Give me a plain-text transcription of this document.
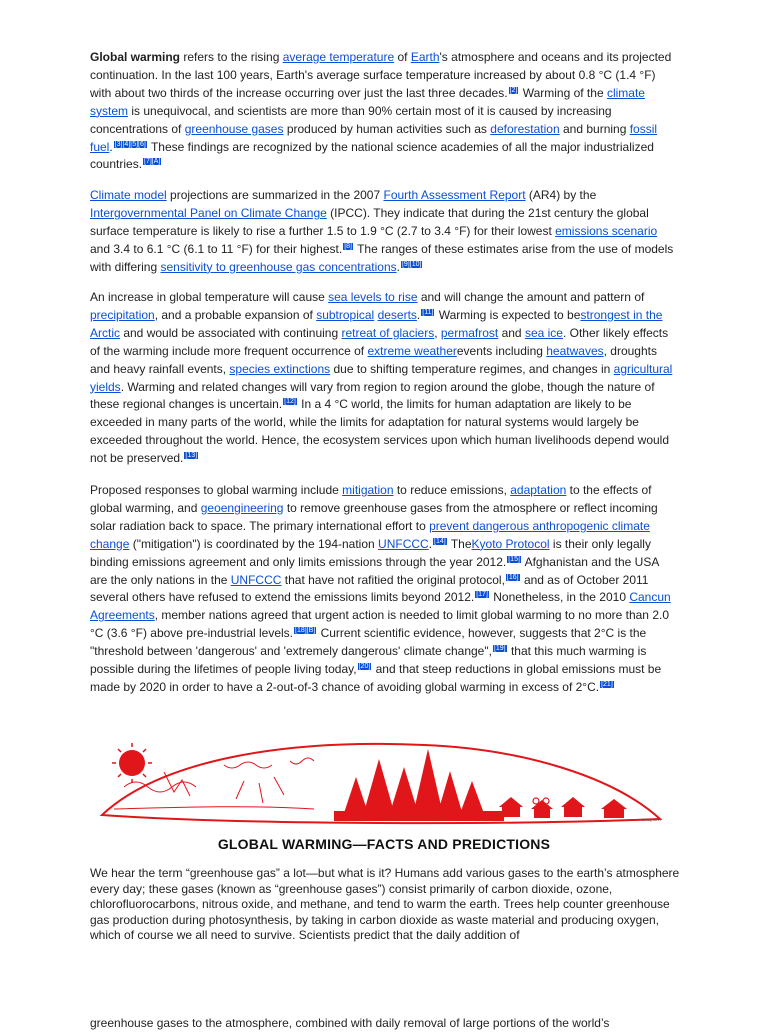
Global warming refers to the rising average temperature of Earth's atmosphere and oceans and its projected continuation. In the last 100 years, Earth's average surface temperature increased by about 0.8 °C (1.4 °F) with about two thirds of the increase occurring over just the last three decades. [2] Warming of the climate system is unequivocal, and scientists are more than 90% certain most of it is caused by increasing concentrations of greenhouse gases produced by human activities such as deforestation and burning fossil fuel. [3][4][5][6] These findings are recognized by the national science academies of all the major industrialized countries. [7][A]

Climate model projections are summarized in the 2007 Fourth Assessment Report (AR4) by the Intergovernmental Panel on Climate Change (IPCC). They indicate that during the 21st century the global surface temperature is likely to rise a further 1.5 to 1.9 °C (2.7 to 3.4 °F) for their lowest emissions scenario and 3.4 to 6.1 °C (6.1 to 11 °F) for their highest. [8] The ranges of these estimates arise from the use of models with differing sensitivity to greenhouse gas concentrations. [9][10]

An increase in global temperature will cause sea levels to rise and will change the amount and pattern of precipitation, and a probable expansion of subtropical deserts. [11] Warming is expected to bestrongest in the Arctic and would be associated with continuing retreat of glaciers, permafrost and sea ice. Other likely effects of the warming include more frequent occurrence of extreme weatherevents including heatwaves, droughts and heavy rainfall events, species extinctions due to shifting temperature regimes, and changes in agricultural yields. Warming and related changes will vary from region to region around the globe, though the nature of these regional changes is uncertain. [12] In a 4 °C world, the limits for human adaptation are likely to be exceeded in many parts of the world, while the limits for adaptation for natural systems would largely be exceeded throughout the world. Hence, the ecosystem services upon which human livelihoods depend would not be preserved. [13]

Proposed responses to global warming include mitigation to reduce emissions, adaptation to the effects of global warming, and geoengineering to remove greenhouse gases from the atmosphere or reflect incoming solar radiation back to space. The primary international effort to prevent dangerous anthropogenic climate change ("mitigation") is coordinated by the 194-nation UNFCCC. [14] TheKyoto Protocol is their only legally binding emissions agreement and only limits emissions through the year 2012. [15] Afghanistan and the USA are the only nations in the UNFCCC that have not rafitied the original protocol, [16] and as of October 2011 several others have refused to extend the emissions limits beyond 2012. [17] Nonetheless, in the 2010 Cancun Agreements, member nations agreed that urgent action is needed to limit global warming to no more than 2.0 °C (3.6 °F) above pre-industrial levels. [18][B] Current scientific evidence, however, suggests that 2°C is the "threshold between 'dangerous' and 'extremely dangerous' climate change", [19] that this much warming is possible during the lifetimes of people living today, [20] and that steep reductions in global emissions must be made by 2020 in order to have a 2-out-of-3 chance of avoiding global warming in excess of 2°C. [21]

Doug Kinn
GLOBAL WARMING—FACTS AND PREDICTIONS

We hear the term “greenhouse gas” a lot—but what is it? Humans add various gases to the earth’s atmosphere every day; these gases (known as “greenhouse gases”) consist primarily of carbon dioxide, ozone, chlorofluorocarbons, nitrous oxide, and methane, and tend to warm the earth. Trees help counter greenhouse gas production during photosynthesis, by taking in carbon dioxide as waste material and producing oxygen, which of course we all need to survive. Scientists predict that the daily addition of

greenhouse gases to the atmosphere, combined with daily removal of large portions of the world’s
